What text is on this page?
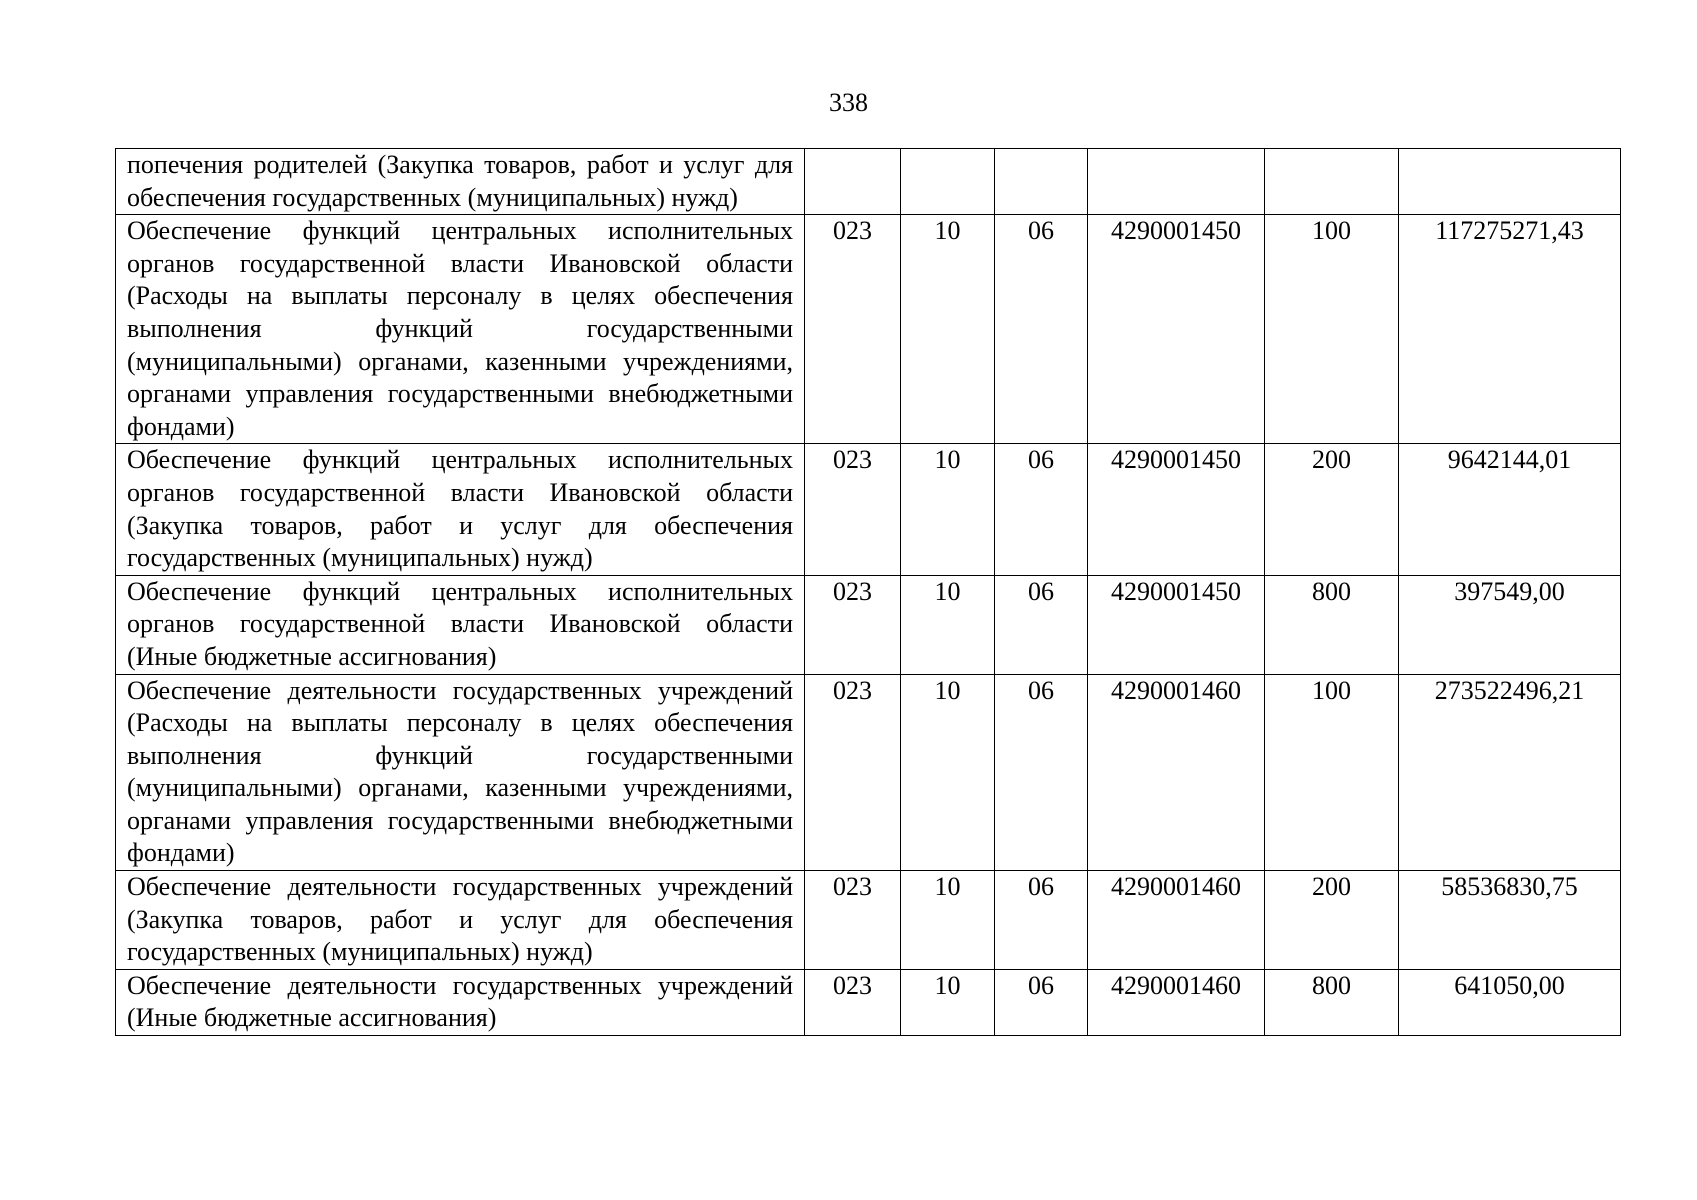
338
попечения родителей (Закупка товаров, работ и услуг для обеспечения государственных (муниципальных) нужд)						
Обеспечение функций центральных исполнительных органов государственной власти Ивановской области (Расходы на выплаты персоналу в целях обеспечения выполнения функций государственными (муниципальными) органами, казенными учреждениями, органами управления государственными внебюджетными фондами)	023	10	06	4290001450	100	117275271,43
Обеспечение функций центральных исполнительных органов государственной власти Ивановской области (Закупка товаров, работ и услуг для обеспечения государственных (муниципальных) нужд)	023	10	06	4290001450	200	9642144,01
Обеспечение функций центральных исполнительных органов государственной власти Ивановской области (Иные бюджетные ассигнования)	023	10	06	4290001450	800	397549,00
Обеспечение деятельности государственных учреждений (Расходы на выплаты персоналу в целях обеспечения выполнения функций государственными (муниципальными) органами, казенными учреждениями, органами управления государственными внебюджетными фондами)	023	10	06	4290001460	100	273522496,21
Обеспечение деятельности государственных учреждений (Закупка товаров, работ и услуг для обеспечения государственных (муниципальных) нужд)	023	10	06	4290001460	200	58536830,75
Обеспечение деятельности государственных учреждений (Иные бюджетные ассигнования)	023	10	06	4290001460	800	641050,00
